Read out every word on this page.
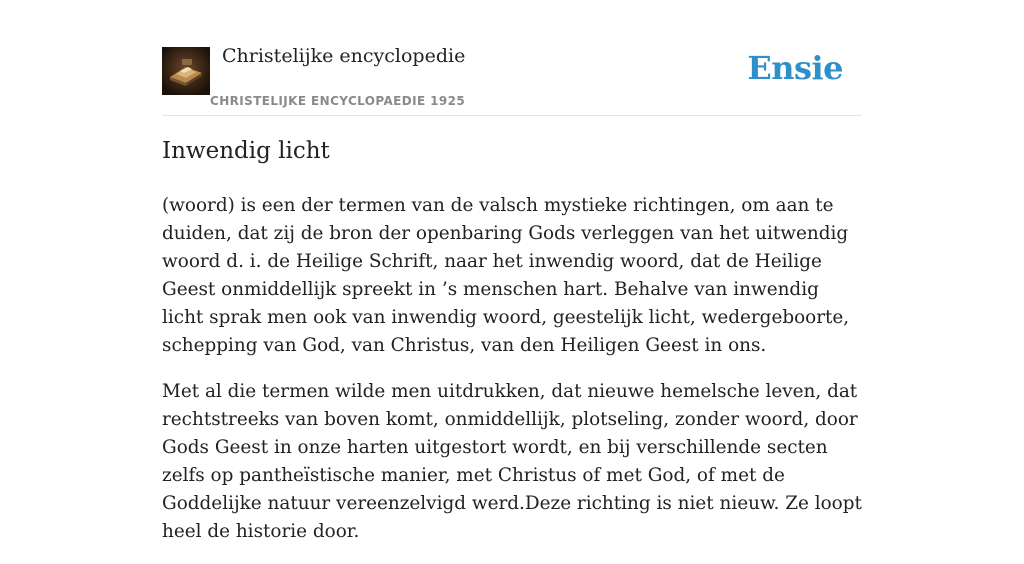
Christelijke encyclopedie
CHRISTELIJKE ENCYCLOPAEDIE 1925
Ensie
Inwendig licht

(woord) is een der termen van de valsch mystieke richtingen, om aan te duiden, dat zij de bron der openbaring Gods verleggen van het uitwendig woord d. i. de Heilige Schrift, naar het inwendig woord, dat de Heilige Geest onmiddellijk spreekt in ’s menschen hart. Behalve van inwendig licht sprak men ook van inwendig woord, geestelijk licht, wedergeboorte, schepping van God, van Christus, van den Heiligen Geest in ons.

Met al die termen wilde men uitdrukken, dat nieuwe hemelsche leven, dat rechtstreeks van boven komt, onmiddellijk, plotseling, zonder woord, door Gods Geest in onze harten uitgestort wordt, en bij verschillende secten zelfs op pantheïstische manier, met Christus of met God, of met de Goddelijke natuur vereenzelvigd werd.Deze richting is niet nieuw. Ze loopt heel de historie door.
